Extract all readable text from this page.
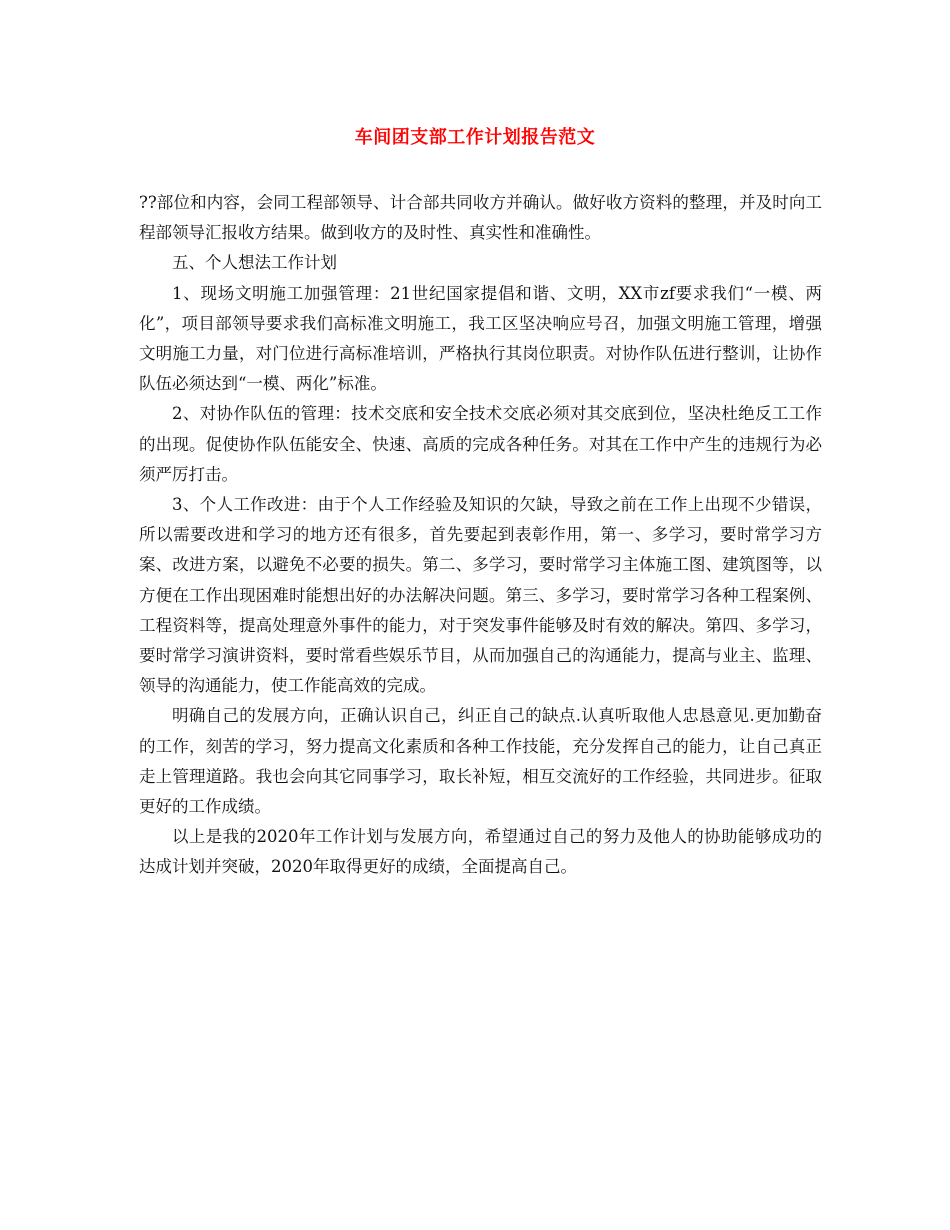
车间团支部工作计划报告范文

??部位和内容，会同工程部领导、计合部共同收方并确认。做好收方资料的整理，并及时向工程部领导汇报收方结果。做到收方的及时性、真实性和准确性。

五、个人想法工作计划

1、现场文明施工加强管理：21世纪国家提倡和谐、文明，XX市zf要求我们“一模、两化”，项目部领导要求我们高标准文明施工，我工区坚决响应号召，加强文明施工管理，增强文明施工力量，对门位进行高标准培训，严格执行其岗位职责。对协作队伍进行整训，让协作队伍必须达到“一模、两化”标准。

2、对协作队伍的管理：技术交底和安全技术交底必须对其交底到位，坚决杜绝反工工作的出现。促使协作队伍能安全、快速、高质的完成各种任务。对其在工作中产生的违规行为必须严厉打击。

3、个人工作改进：由于个人工作经验及知识的欠缺，导致之前在工作上出现不少错误，所以需要改进和学习的地方还有很多，首先要起到表彰作用，第一、多学习，要时常学习方案、改进方案，以避免不必要的损失。第二、多学习，要时常学习主体施工图、建筑图等，以方便在工作出现困难时能想出好的办法解决问题。第三、多学习，要时常学习各种工程案例、工程资料等，提高处理意外事件的能力，对于突发事件能够及时有效的解决。第四、多学习，要时常学习演讲资料，要时常看些娱乐节目，从而加强自己的沟通能力，提高与业主、监理、领导的沟通能力，使工作能高效的完成。

明确自己的发展方向，正确认识自己，纠正自己的缺点.认真听取他人忠恳意见.更加勤奋的工作，刻苦的学习，努力提高文化素质和各种工作技能，充分发挥自己的能力，让自己真正走上管理道路。我也会向其它同事学习，取长补短，相互交流好的工作经验，共同进步。征取更好的工作成绩。

以上是我的2020年工作计划与发展方向，希望通过自己的努力及他人的协助能够成功的达成计划并突破，2020年取得更好的成绩，全面提高自己。
